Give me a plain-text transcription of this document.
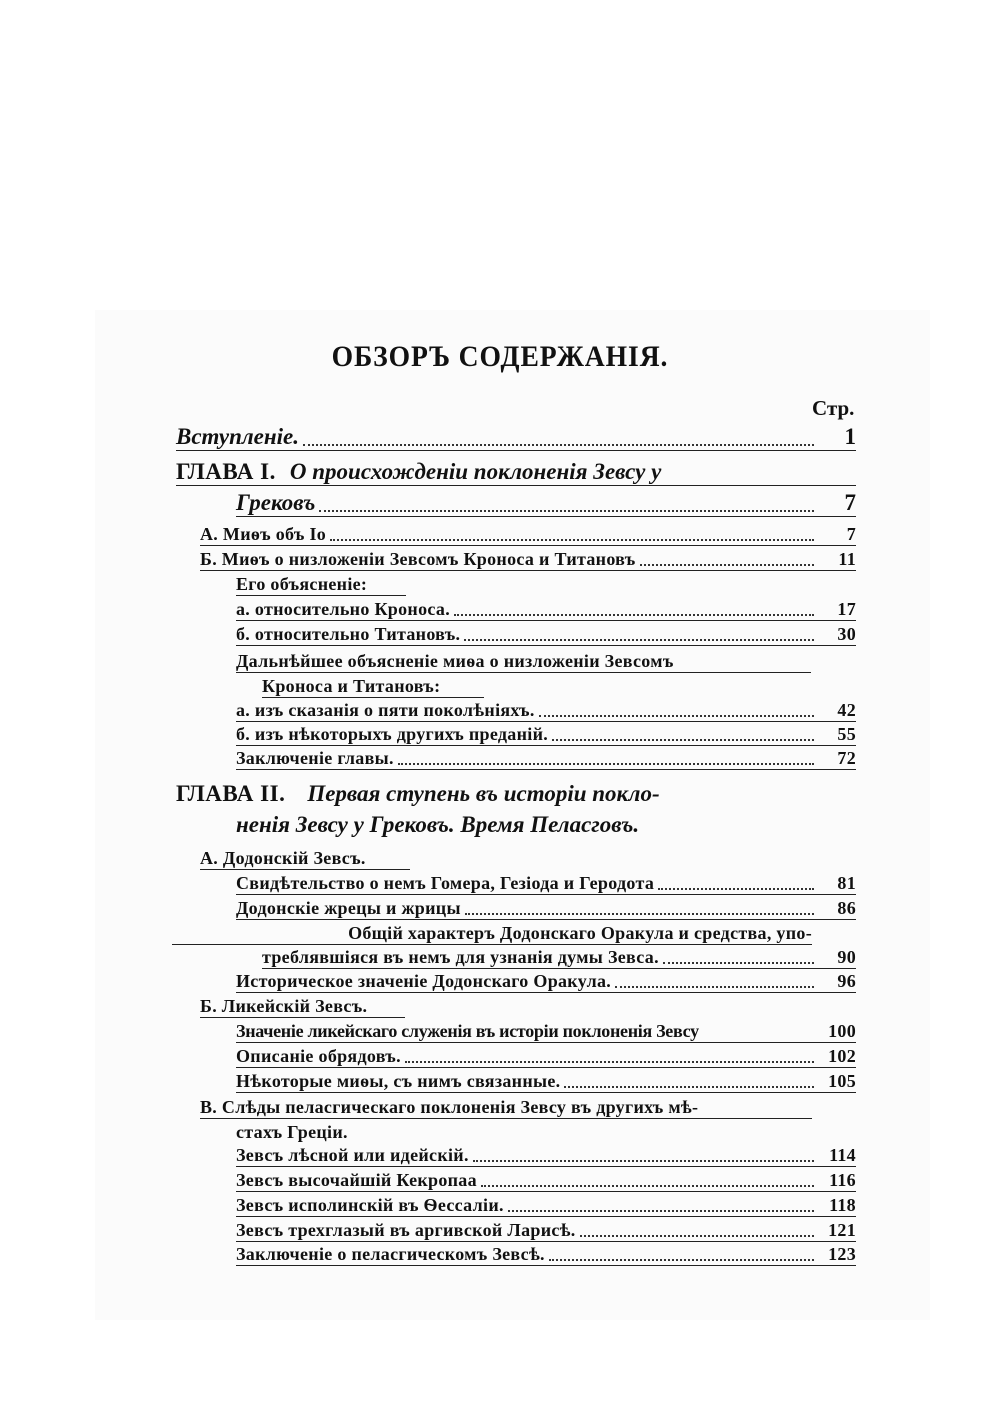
ОБЗОРЪ СОДЕРЖАНІЯ.
Стр.
Вступленіе.	1
ГЛАВА I. О происхожденіи поклоненія Зевсу у
Грековъ	7
А. Миѳъ объ Іо	7
Б. Миѳъ о низложеніи Зевсомъ Кроноса и Титановъ	11
Его объясненіе:
а. относительно Кроноса.	17
б. относительно Титановъ.	30
Дальнѣйшее объясненіе миѳа о низложеніи Зевсомъ
Кроноса и Титановъ:
а. изъ сказанія о пяти поколѣніяхъ.	42
б. изъ нѣкоторыхъ другихъ преданій.	55
Заключеніе главы.	72
ГЛАВА II. Первая ступень въ исторіи покло-
ненія Зевсу у Грековъ. Время Пеласговъ.
А. Додонскій Зевсъ.
Свидѣтельство о немъ Гомера, Гезіода и Геродота	81
Додонскіе жрецы и жрицы	86
Общій характеръ Додонскаго Оракула и средства, упо-
треблявшіяся въ немъ для узнанія думы Зевса.	90
Историческое значеніе Додонскаго Оракула.	96
Б. Ликейскій Зевсъ.
Значеніе ликейскаго служенія въ исторіи поклоненія Зевсу	100
Описаніе обрядовъ.	102
Нѣкоторые миѳы, съ нимъ связанные.	105
В. Слѣды пеласгическаго поклоненія Зевсу въ другихъ мѣ-
стахъ Греціи.
Зевсъ лѣсной или идейскій.	114
Зевсъ высочайшій Кекропаа	116
Зевсъ исполинскій въ Ѳессаліи.	118
Зевсъ трехглазый въ аргивской Ларисѣ.	121
Заключеніе о пеласгическомъ Зевсѣ.	123
